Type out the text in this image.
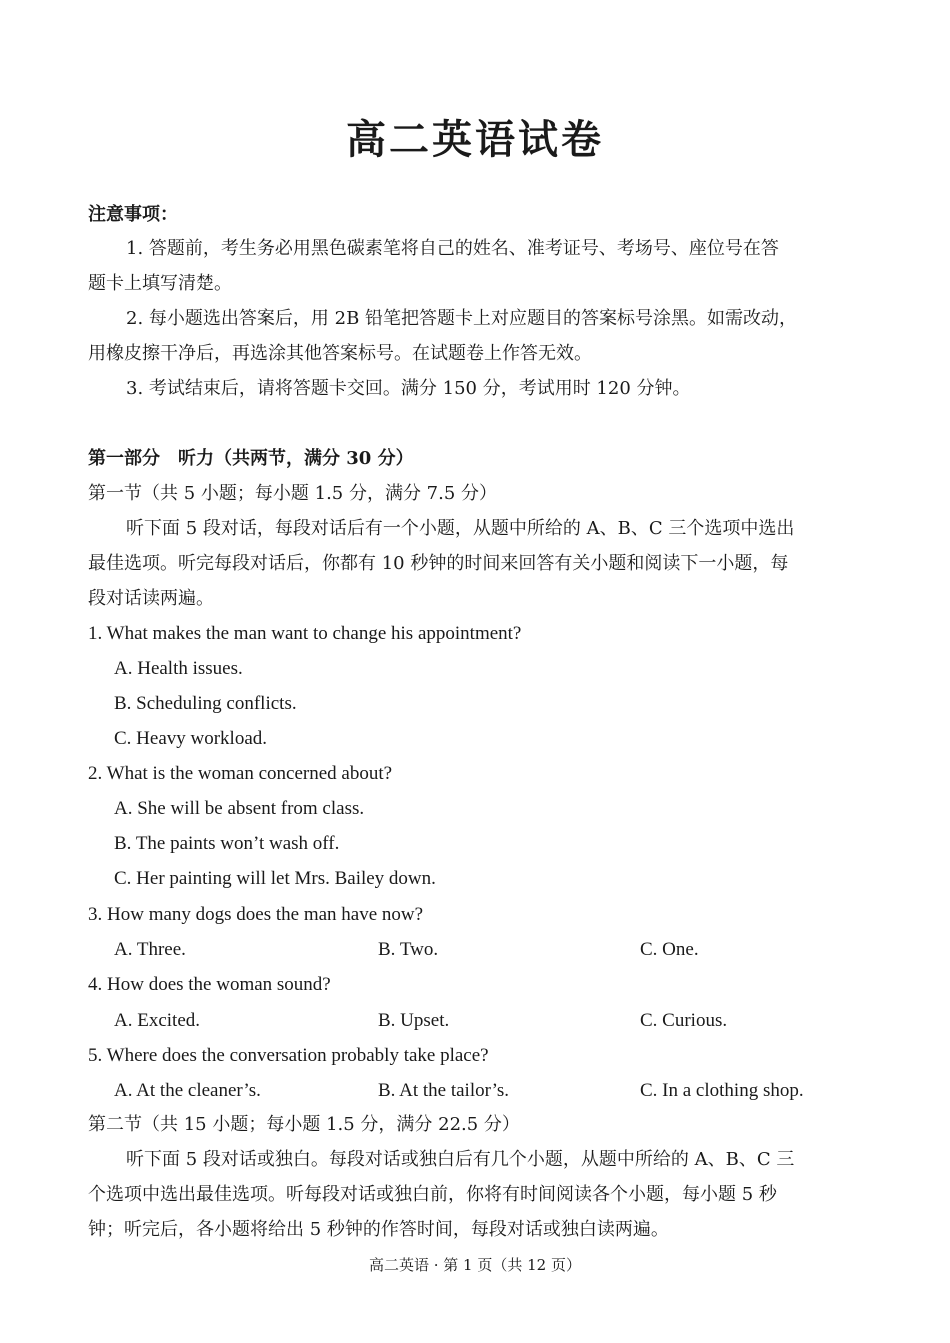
高二英语试卷
注意事项：
1. 答题前，考生务必用黑色碳素笔将自己的姓名、准考证号、考场号、座位号在答
题卡上填写清楚。
2. 每小题选出答案后，用 2B 铅笔把答题卡上对应题目的答案标号涂黑。如需改动，
用橡皮擦干净后，再选涂其他答案标号。在试题卷上作答无效。
3. 考试结束后，请将答题卡交回。满分 150 分，考试用时 120 分钟。
第一部分　听力（共两节，满分 30 分）
第一节（共 5 小题；每小题 1.5 分，满分 7.5 分）
听下面 5 段对话，每段对话后有一个小题，从题中所给的 A、B、C 三个选项中选出
最佳选项。听完每段对话后，你都有 10 秒钟的时间来回答有关小题和阅读下一小题，每
段对话读两遍。
1. What makes the man want to change his appointment?
A. Health issues.
B. Scheduling conflicts.
C. Heavy workload.
2. What is the woman concerned about?
A. She will be absent from class.
B. The paints won’t wash off.
C. Her painting will let Mrs. Bailey down.
3. How many dogs does the man have now?
A. Three.	B. Two.	C. One.
4. How does the woman sound?
A. Excited.	B. Upset.	C. Curious.
5. Where does the conversation probably take place?
A. At the cleaner’s.	B. At the tailor’s.	C. In a clothing shop.
第二节（共 15 小题；每小题 1.5 分，满分 22.5 分）
听下面 5 段对话或独白。每段对话或独白后有几个小题，从题中所给的 A、B、C 三
个选项中选出最佳选项。听每段对话或独白前，你将有时间阅读各个小题，每小题 5 秒
钟；听完后，各小题将给出 5 秒钟的作答时间，每段对话或独白读两遍。
高二英语 · 第 1 页（共 12 页）
